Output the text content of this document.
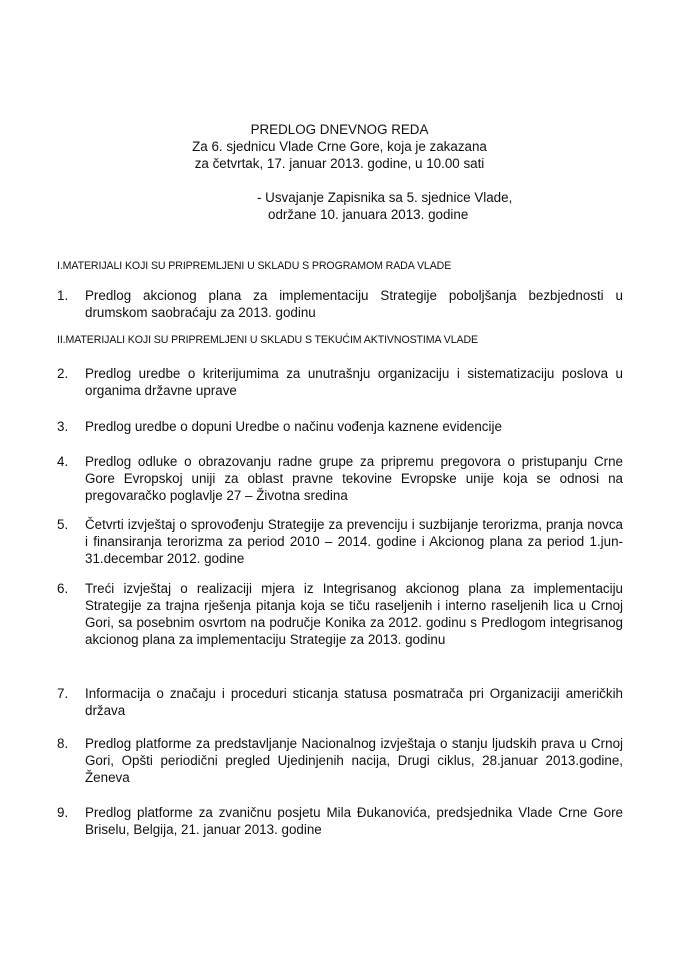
PREDLOG DNEVNOG REDA
Za 6. sjednicu Vlade Crne Gore, koja je zakazana
za četvrtak, 17. januar 2013. godine, u 10.00 sati
- Usvajanje Zapisnika sa 5. sjednice Vlade,
održane 10. januara 2013. godine
I.MATERIJALI KOJI SU PRIPREMLJENI U SKLADU S PROGRAMOM RADA VLADE
1. Predlog akcionog plana za implementaciju Strategije poboljšanja bezbjednosti u drumskom saobraćaju za 2013. godinu
II.MATERIJALI KOJI SU PRIPREMLJENI U SKLADU S TEKUĆIM AKTIVNOSTIMA VLADE
2. Predlog uredbe o kriterijumima za unutrašnju organizaciju i sistematizaciju poslova u organima državne uprave
3. Predlog uredbe o dopuni Uredbe o načinu vođenja kaznene evidencije
4. Predlog odluke o obrazovanju radne grupe za pripremu pregovora o pristupanju Crne Gore Evropskoj uniji za oblast pravne tekovine Evropske unije koja se odnosi na pregovaračko poglavlje 27 – Životna sredina
5. Četvrti izvještaj o sprovođenju Strategije za prevenciju i suzbijanje terorizma, pranja novca i finansiranja terorizma za period 2010 – 2014. godine i Akcionog plana za period 1.jun-31.decembar 2012. godine
6. Treći izvještaj o realizaciji mjera iz Integrisanog akcionog plana za implementaciju Strategije za trajna rješenja pitanja koja se tiču raseljenih i interno raseljenih lica u Crnoj Gori, sa posebnim osvrtom na područje Konika za 2012. godinu s Predlogom integrisanog akcionog plana za implementaciju Strategije za 2013. godinu
7. Informacija o značaju i proceduri sticanja statusa posmatrača pri Organizaciji američkih država
8. Predlog platforme za predstavljanje Nacionalnog izvještaja o stanju ljudskih prava u Crnoj Gori, Opšti periodični pregled Ujedinjenih nacija, Drugi ciklus, 28.januar 2013.godine, Ženeva
9. Predlog platforme za zvaničnu posjetu Mila Đukanovića, predsjednika Vlade Crne Gore Briselu, Belgija, 21. januar 2013. godine
